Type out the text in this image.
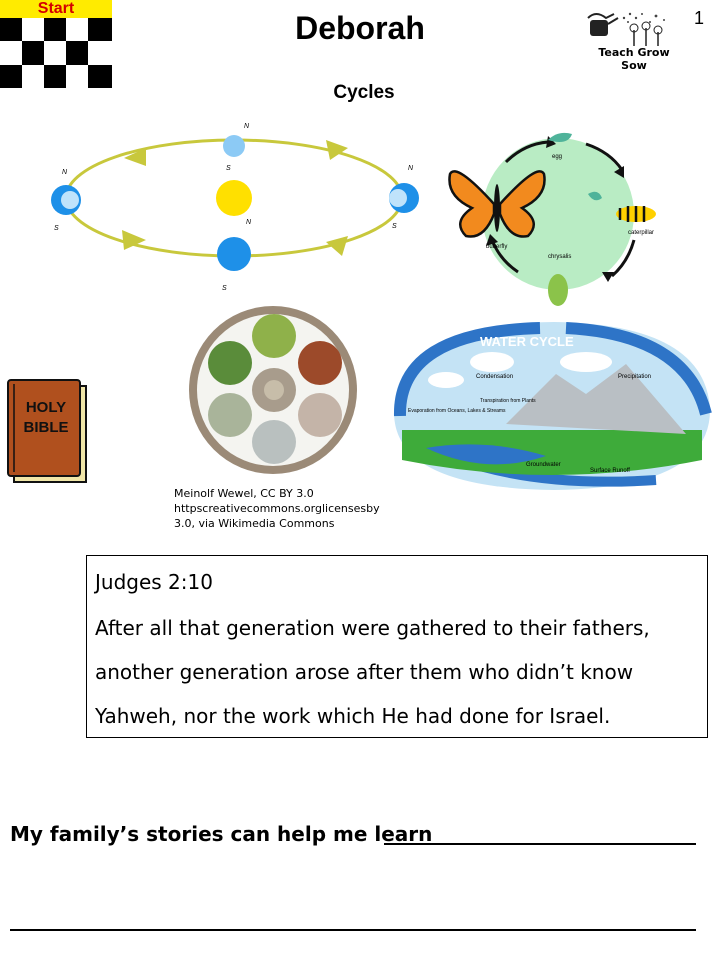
Start
Deborah	1
Teach Grow Sow
Cycles
N
S
N
S
N
S
N
S
egg
caterpillar
chrysalis
butterfly
HOLY
BIBLE
WATER CYCLE
Condensation	Precipitation
Evaporation from Oceans, Lakes & Streams
Transpiration from Plants
Groundwater
Surface Runoff
Meinolf Wewel, CC BY 3.0
httpscreativecommons.orglicensesby
3.0, via Wikimedia Commons
Judges 2:10
After all that generation were gathered to their fathers,
another generation arose after them who didn’t know
Yahweh, nor the work which He had done for Israel.
My family’s stories can help me learn
